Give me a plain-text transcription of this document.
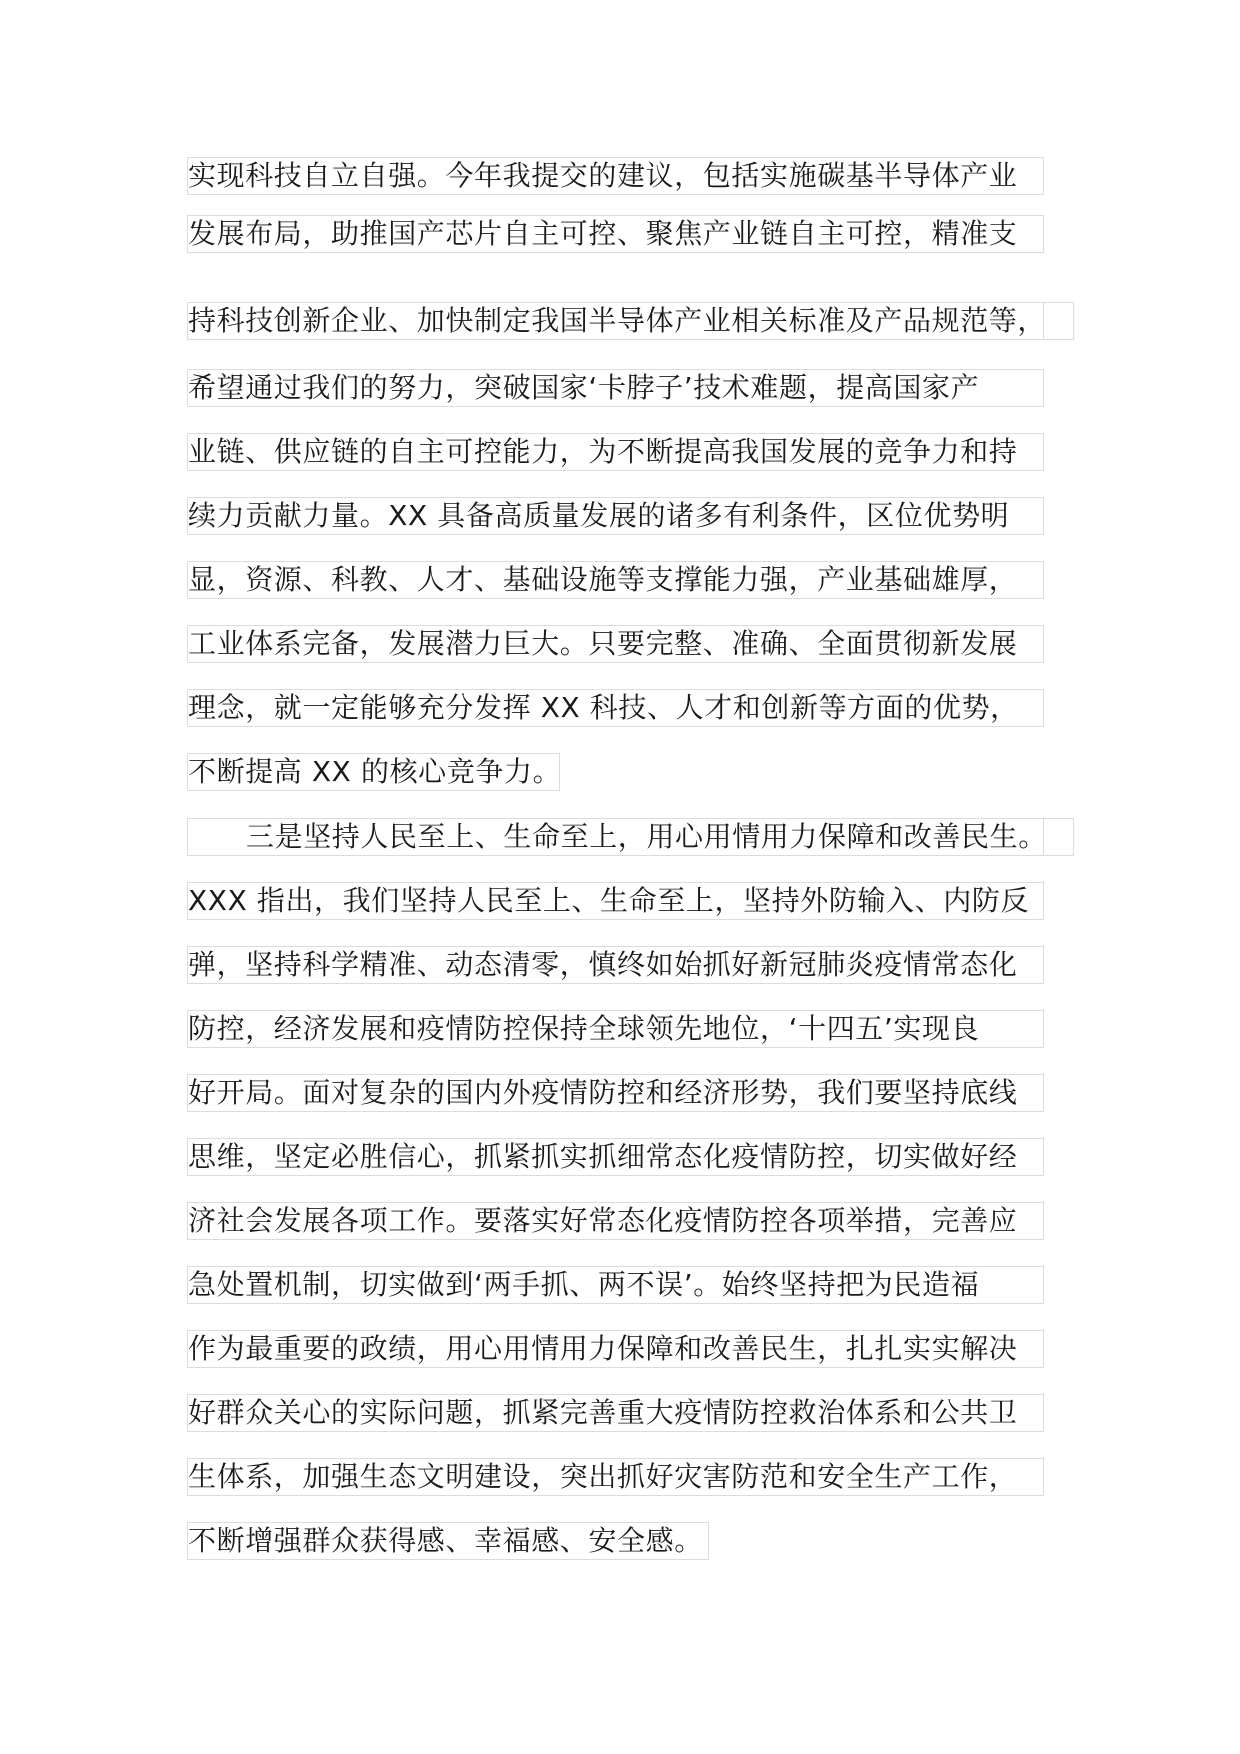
实现科技自立自强。今年我提交的建议，包括实施碳基半导体产业
发展布局，助推国产芯片自主可控、聚焦产业链自主可控，精准支
持科技创新企业、加快制定我国半导体产业相关标准及产品规范等，
希望通过我们的努力，突破国家‘卡脖子’技术难题，提高国家产
业链、供应链的自主可控能力，为不断提高我国发展的竞争力和持
续力贡献力量。XX 具备高质量发展的诸多有利条件，区位优势明
显，资源、科教、人才、基础设施等支撑能力强，产业基础雄厚，
工业体系完备，发展潜力巨大。只要完整、准确、全面贯彻新发展
理念，就一定能够充分发挥 XX 科技、人才和创新等方面的优势，
不断提高 XX 的核心竞争力。
三是坚持人民至上、生命至上，用心用情用力保障和改善民生。
XXX 指出，我们坚持人民至上、生命至上，坚持外防输入、内防反
弹，坚持科学精准、动态清零，慎终如始抓好新冠肺炎疫情常态化
防控，经济发展和疫情防控保持全球领先地位，‘十四五’实现良
好开局。面对复杂的国内外疫情防控和经济形势，我们要坚持底线
思维，坚定必胜信心，抓紧抓实抓细常态化疫情防控，切实做好经
济社会发展各项工作。要落实好常态化疫情防控各项举措，完善应
急处置机制，切实做到‘两手抓、两不误’。始终坚持把为民造福
作为最重要的政绩，用心用情用力保障和改善民生，扎扎实实解决
好群众关心的实际问题，抓紧完善重大疫情防控救治体系和公共卫
生体系，加强生态文明建设，突出抓好灾害防范和安全生产工作，
不断增强群众获得感、幸福感、安全感。
